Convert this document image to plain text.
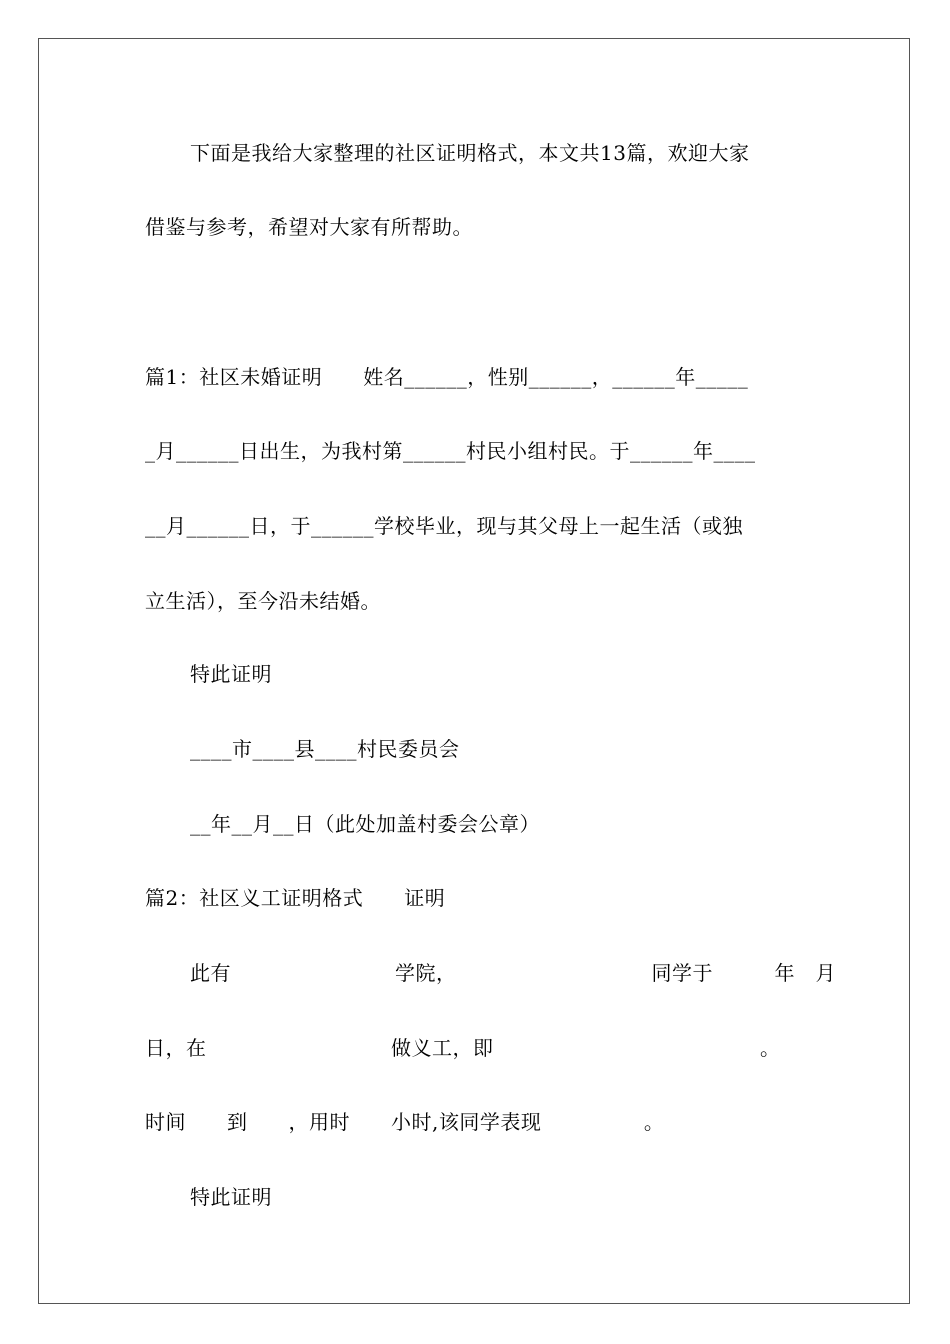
下面是我给大家整理的社区证明格式，本文共13篇，欢迎大家
借鉴与参考，希望对大家有所帮助。
篇1：社区未婚证明　　姓名______，性别______，______年_____
_月______日出生，为我村第______村民小组村民。于______年____
__月______日，于______学校毕业，现与其父母上一起生活（或独
立生活），至今沿未结婚。
特此证明
____市____县____村民委员会
__年__月__日（此处加盖村委会公章）
篇2：社区义工证明格式　　证明
此有　　　　　　　　学院，　　　　　　　　　　同学于　　　年　月
日，在　　　　　　　　　做义工，即　　　　　　　　　　　　　。
时间　　到　　，用时　　小时,该同学表现　　　　　。
特此证明
